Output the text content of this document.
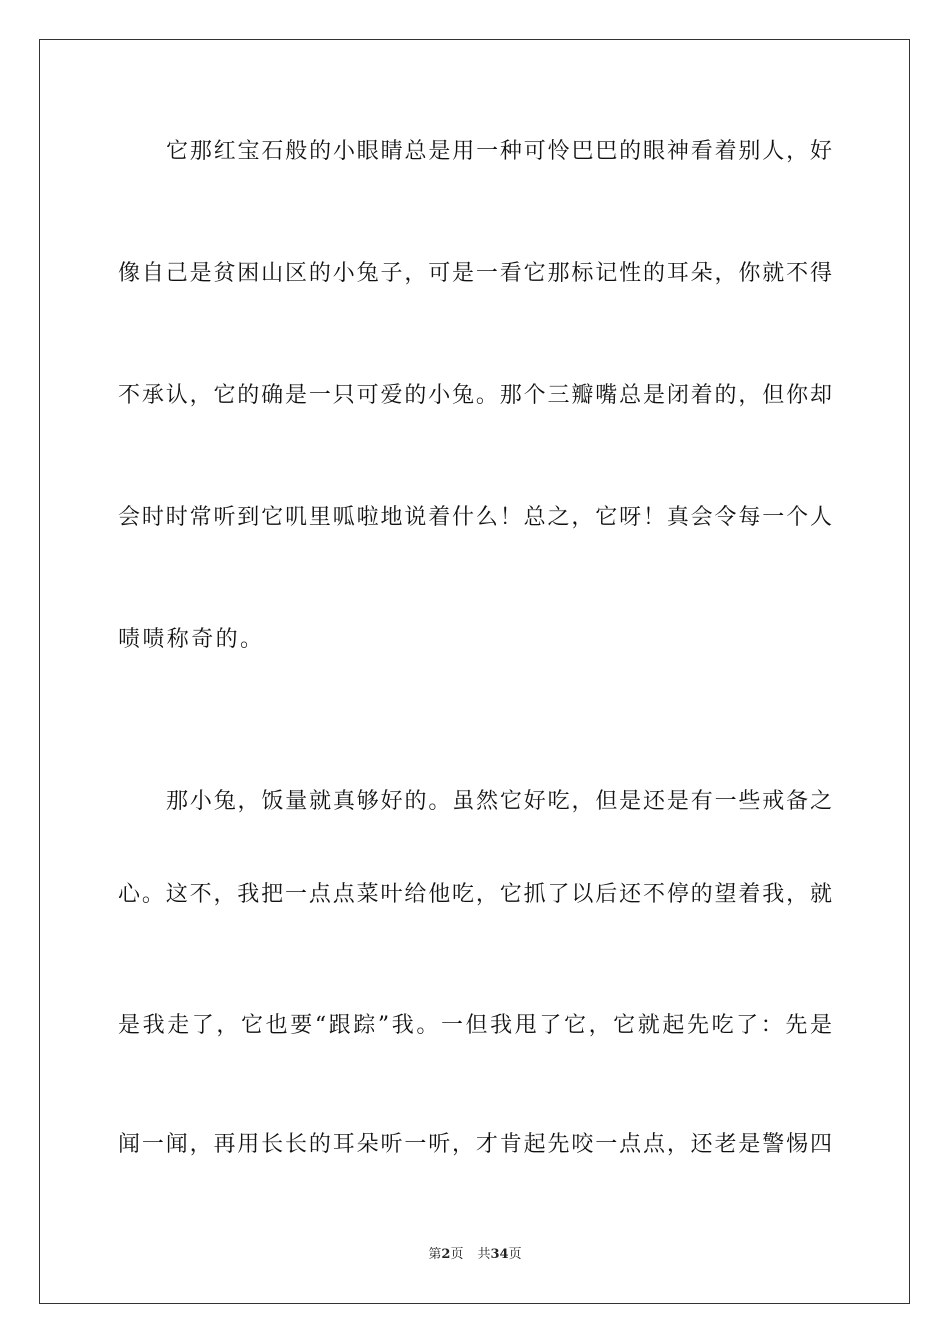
它那红宝石般的小眼睛总是用一种可怜巴巴的眼神看着别人，好
像自己是贫困山区的小兔子，可是一看它那标记性的耳朵，你就不得
不承认，它的确是一只可爱的小兔。那个三瓣嘴总是闭着的，但你却
会时时常听到它叽里呱啦地说着什么！总之，它呀！真会令每一个人
啧啧称奇的。
那小兔，饭量就真够好的。虽然它好吃，但是还是有一些戒备之
心。这不，我把一点点菜叶给他吃，它抓了以后还不停的望着我，就
是我走了，它也要“跟踪”我。一但我甩了它，它就起先吃了：先是
闻一闻，再用长长的耳朵听一听，才肯起先咬一点点，还老是警惕四
第2页 共34页
